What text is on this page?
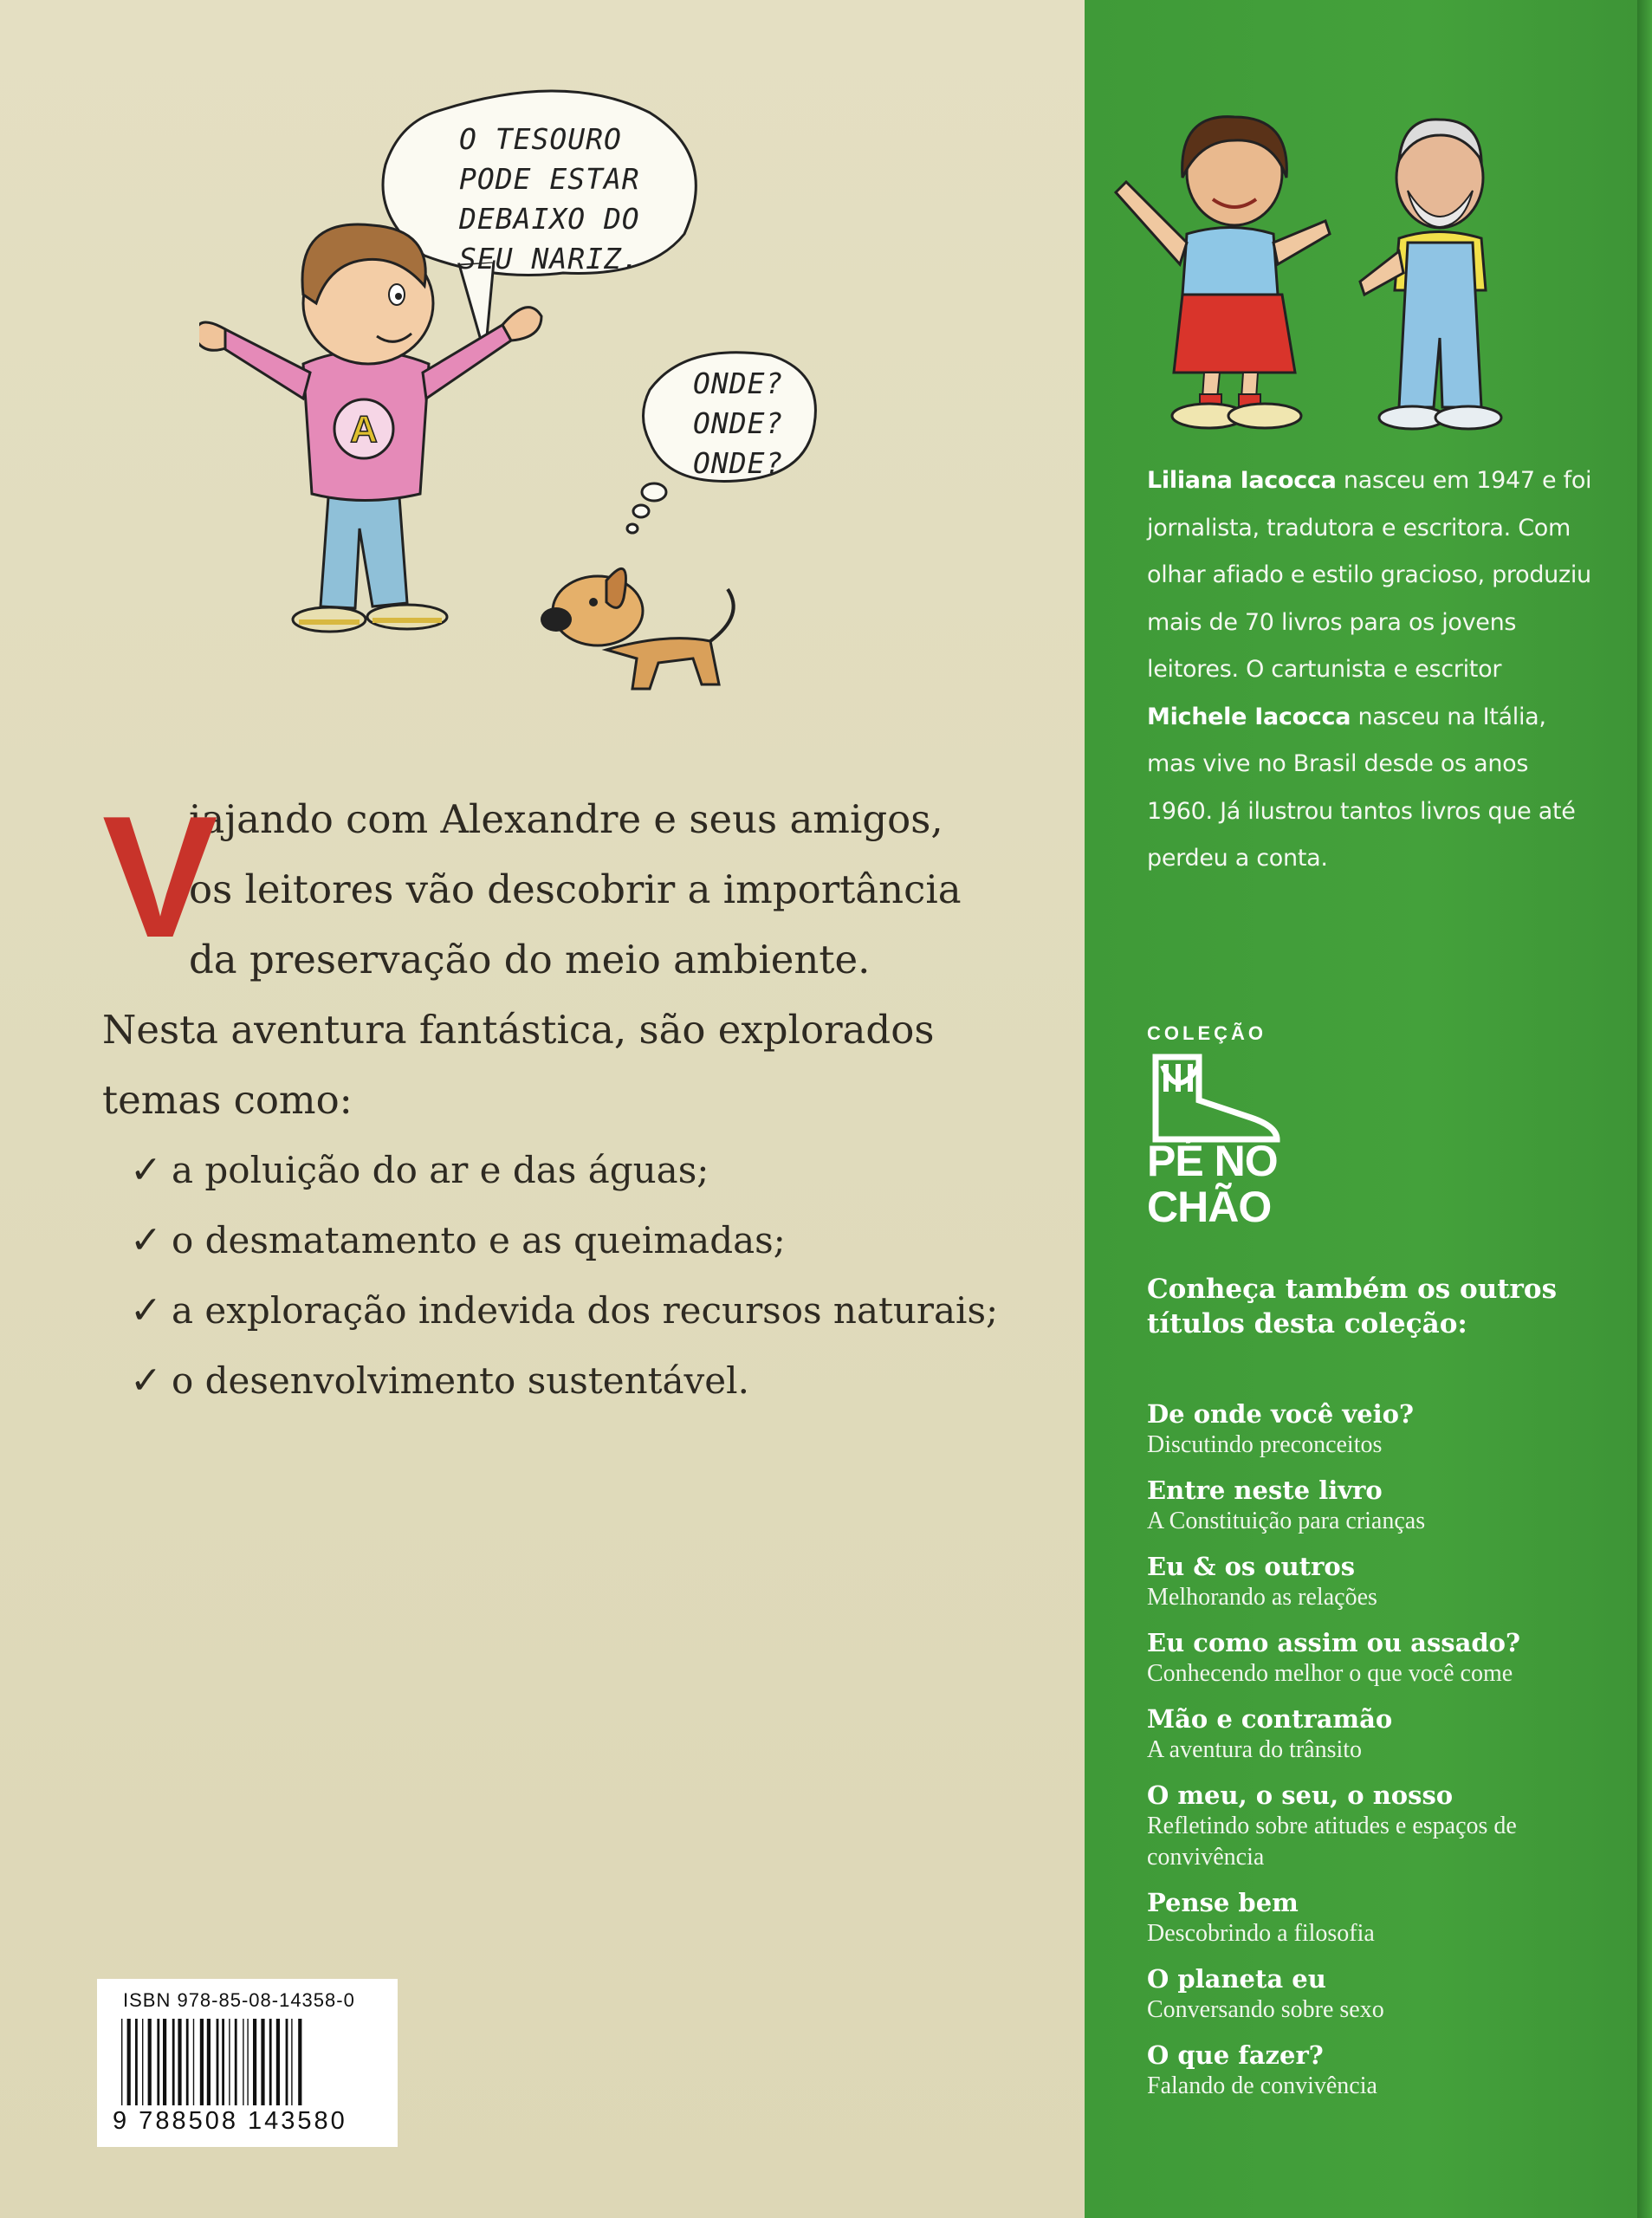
A
O TESOURO
PODE ESTAR
DEBAIXO DO
SEU NARIZ.
ONDE?
ONDE?
ONDE?
V
iajando com Alexandre e seus amigos,
os leitores vão descobrir a importância
da preservação do meio ambiente.
Nesta aventura fantástica, são explorados
temas como:
✓ a poluição do ar e das águas;
✓ o desmatamento e as queimadas;
✓ a exploração indevida dos recursos naturais;
✓ o desenvolvimento sustentável.
ISBN 978-85-08-14358-0
9 788508 143580
Liliana Iacocca nasceu em 1947 e foi jornalista, tradutora e escritora. Com olhar afiado e estilo gracioso, produziu mais de 70 livros para os jovens leitores. O cartunista e escritor Michele Iacocca nasceu na Itália, mas vive no Brasil desde os anos 1960. Já ilustrou tantos livros que até perdeu a conta.
COLEÇÃO
PÉ NO
CHÃO
Conheça também os outros títulos desta coleção:
De onde você veio?
Discutindo preconceitos
Entre neste livro
A Constituição para crianças
Eu & os outros
Melhorando as relações
Eu como assim ou assado?
Conhecendo melhor o que você come
Mão e contramão
A aventura do trânsito
O meu, o seu, o nosso
Refletindo sobre atitudes e espaços de convivência
Pense bem
Descobrindo a filosofia
O planeta eu
Conversando sobre sexo
O que fazer?
Falando de convivência
